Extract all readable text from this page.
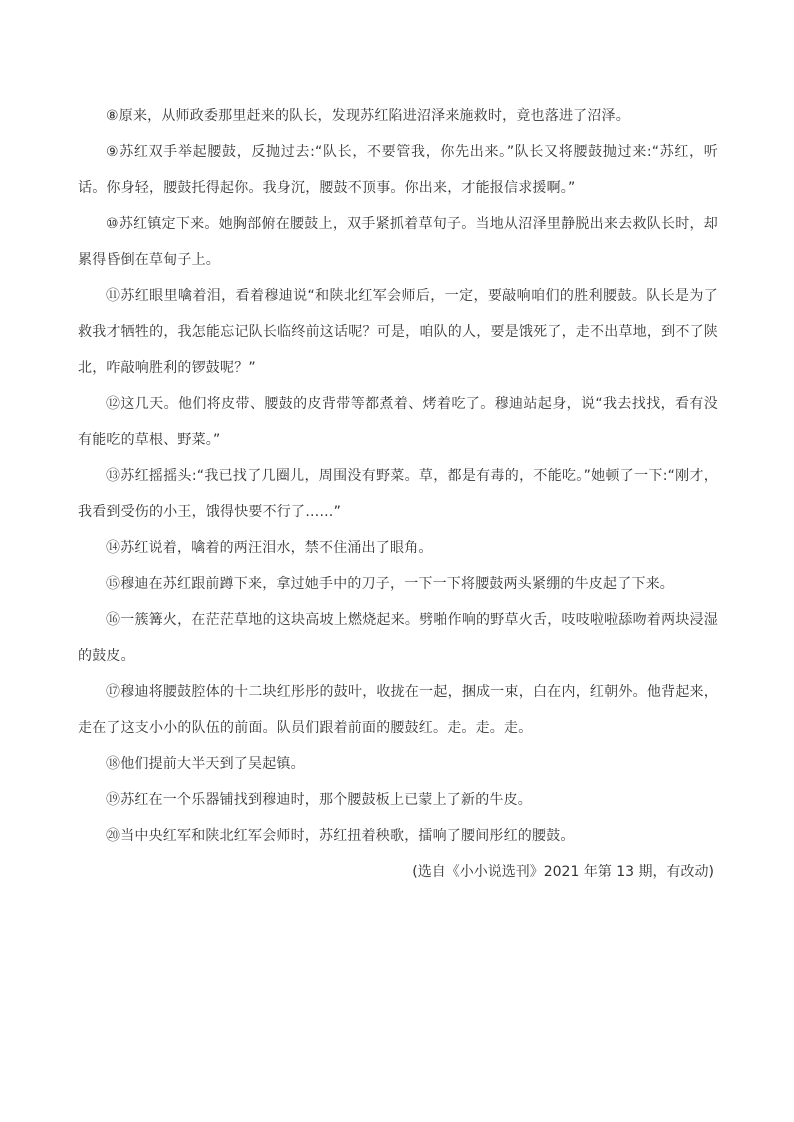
⑧原来，从师政委那里赶来的队长，发现苏红陷进沼泽来施救时，竟也落进了沼泽。

⑨苏红双手举起腰鼓，反抛过去:“队长，不要管我，你先出来。”队长又将腰鼓抛过来:“苏红，听话。你身轻，腰鼓托得起你。我身沉，腰鼓不顶事。你出来，才能报信求援啊。”

⑩苏红镇定下来。她胸部俯在腰鼓上，双手紧抓着草旬子。当地从沼泽里静脱出来去救队长时，却累得昏倒在草甸子上。

⑪苏红眼里噙着泪，看着穆迪说“和陕北红军会师后，一定，要敲响咱们的胜利腰鼓。队长是为了救我才牺牲的，我怎能忘记队长临终前这话呢？可是，咱队的人，要是饿死了，走不出草地，到不了陕北，咋敲响胜利的锣鼓呢？”

⑫这几天。他们将皮带、腰鼓的皮背带等都煮着、烤着吃了。穆迪站起身，说“我去找找，看有没有能吃的草根、野菜。”

⑬苏红摇摇头:“我已找了几圈儿，周围没有野菜。草，都是有毒的，不能吃。”她顿了一下:“刚才，我看到受伤的小王，饿得快要不行了……”

⑭苏红说着，噙着的两汪泪水，禁不住涌出了眼角。

⑮穆迪在苏红跟前蹲下来，拿过她手中的刀子，一下一下将腰鼓两头紧绷的牛皮起了下来。

⑯一簇篝火，在茫茫草地的这块高坡上燃烧起来。劈啪作响的野草火舌，吱吱啦啦舔吻着两块浸湿的鼓皮。

⑰穆迪将腰鼓腔体的十二块红彤彤的鼓叶，收拢在一起，捆成一束，白在内，红朝外。他背起来，走在了这支小小的队伍的前面。队员们跟着前面的腰鼓红。走。走。走。

⑱他们提前大半天到了吴起镇。

⑲苏红在一个乐器铺找到穆迪时，那个腰鼓板上已蒙上了新的牛皮。

⑳当中央红军和陕北红军会师时，苏红扭着秧歌，擂响了腰间彤红的腰鼓。

(选自《小小说选刊》2021 年第 13 期，有改动)
